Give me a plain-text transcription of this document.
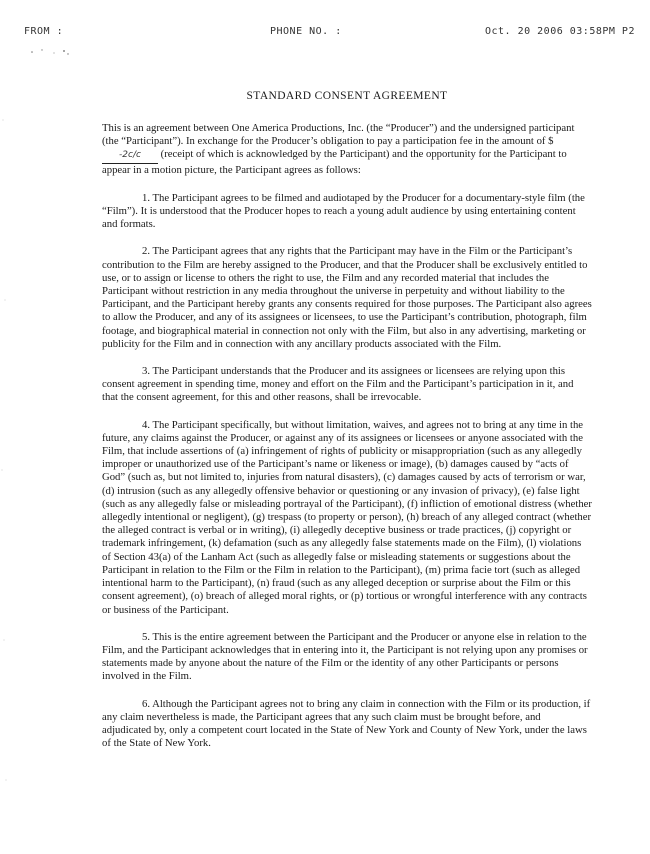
FROM :	PHONE NO. :	Oct. 20 2006 03:58PM P2
STANDARD CONSENT AGREEMENT

This is an agreement between One America Productions, Inc. (the “Producer”) and the undersigned participant (the “Participant”). In exchange for the Producer’s obligation to pay a participation fee in the amount of $-2c/c (receipt of which is acknowledged by the Participant) and the opportunity for the Participant to appear in a motion picture, the Participant agrees as follows:

1. The Participant agrees to be filmed and audiotaped by the Producer for a documentary-style film (the “Film”). It is understood that the Producer hopes to reach a young adult audience by using entertaining content and formats.

2. The Participant agrees that any rights that the Participant may have in the Film or the Participant’s contribution to the Film are hereby assigned to the Producer, and that the Producer shall be exclusively entitled to use, or to assign or license to others the right to use, the Film and any recorded material that includes the Participant without restriction in any media throughout the universe in perpetuity and without liability to the Participant, and the Participant hereby grants any consents required for those purposes. The Participant also agrees to allow the Producer, and any of its assignees or licensees, to use the Participant’s contribution, photograph, film footage, and biographical material in connection not only with the Film, but also in any advertising, marketing or publicity for the Film and in connection with any ancillary products associated with the Film.

3. The Participant understands that the Producer and its assignees or licensees are relying upon this consent agreement in spending time, money and effort on the Film and the Participant’s participation in it, and that the consent agreement, for this and other reasons, shall be irrevocable.

4. The Participant specifically, but without limitation, waives, and agrees not to bring at any time in the future, any claims against the Producer, or against any of its assignees or licensees or anyone associated with the Film, that include assertions of (a) infringement of rights of publicity or misappropriation (such as any allegedly improper or unauthorized use of the Participant’s name or likeness or image), (b) damages caused by “acts of God” (such as, but not limited to, injuries from natural disasters), (c) damages caused by acts of terrorism or war, (d) intrusion (such as any allegedly offensive behavior or questioning or any invasion of privacy), (e) false light (such as any allegedly false or misleading portrayal of the Participant), (f) infliction of emotional distress (whether allegedly intentional or negligent), (g) trespass (to property or person), (h) breach of any alleged contract (whether the alleged contract is verbal or in writing), (i) allegedly deceptive business or trade practices, (j) copyright or trademark infringement, (k) defamation (such as any allegedly false statements made on the Film), (l) violations of Section 43(a) of the Lanham Act (such as allegedly false or misleading statements or suggestions about the Participant in relation to the Film or the Film in relation to the Participant), (m) prima facie tort (such as alleged intentional harm to the Participant), (n) fraud (such as any alleged deception or surprise about the Film or this consent agreement), (o) breach of alleged moral rights, or (p) tortious or wrongful interference with any contracts or business of the Participant.

5. This is the entire agreement between the Participant and the Producer or anyone else in relation to the Film, and the Participant acknowledges that in entering into it, the Participant is not relying upon any promises or statements made by anyone about the nature of the Film or the identity of any other Participants or persons involved in the Film.

6. Although the Participant agrees not to bring any claim in connection with the Film or its production, if any claim nevertheless is made, the Participant agrees that any such claim must be brought before, and adjudicated by, only a competent court located in the State of New York and County of New York, under the laws of the State of New York.
